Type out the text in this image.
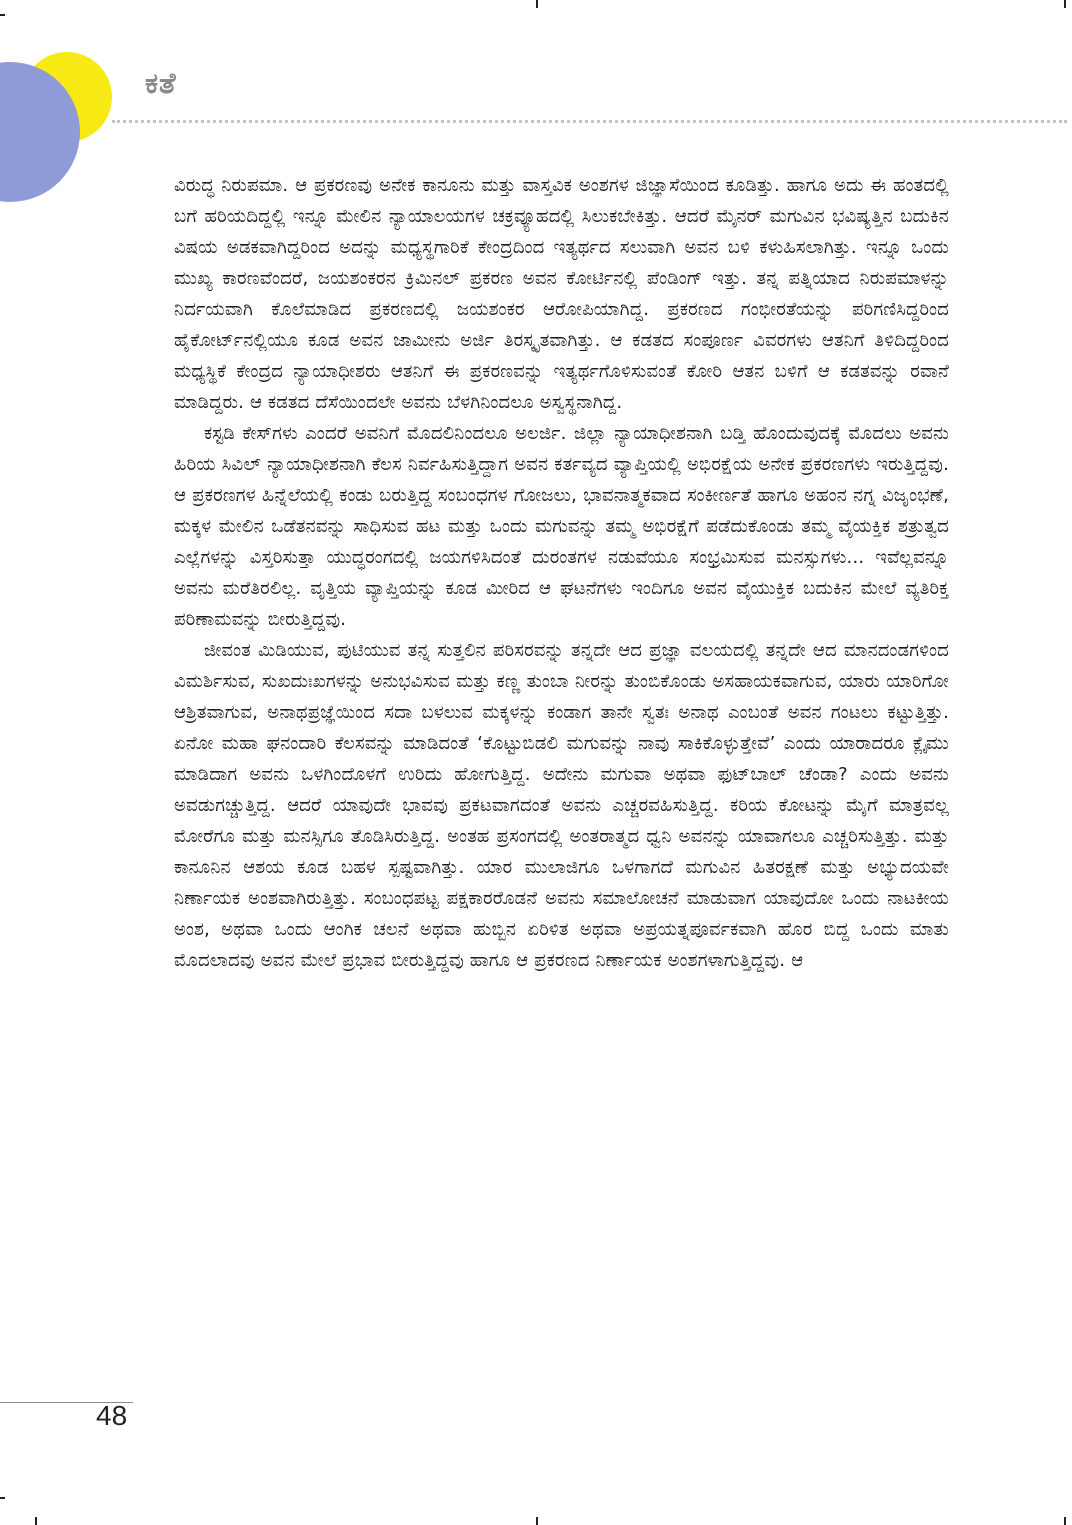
ಕತೆ

ವಿರುದ್ಧ ನಿರುಪಮಾ. ಆ ಪ್ರಕರಣವು ಅನೇಕ ಕಾನೂನು ಮತ್ತು ವಾಸ್ತವಿಕ ಅಂಶಗಳ ಜಿಜ್ಞಾಸೆಯಿಂದ ಕೂಡಿತ್ತು. ಹಾಗೂ ಅದು ಈ ಹಂತದಲ್ಲಿ ಬಗೆ ಹರಿಯದಿದ್ದಲ್ಲಿ ಇನ್ನೂ ಮೇಲಿನ ನ್ಯಾಯಾಲಯಗಳ ಚಕ್ರವ್ಯೂಹದಲ್ಲಿ ಸಿಲುಕಬೇಕಿತ್ತು. ಆದರೆ ಮೈನರ್ ಮಗುವಿನ ಭವಿಷ್ಯತ್ತಿನ ಬದುಕಿನ ವಿಷಯ ಅಡಕವಾಗಿದ್ದರಿಂದ ಅದನ್ನು ಮಧ್ಯಸ್ಥಗಾರಿಕೆ ಕೇಂದ್ರದಿಂದ ಇತ್ಯರ್ಥದ ಸಲುವಾಗಿ ಅವನ ಬಳಿ ಕಳುಹಿಸಲಾಗಿತ್ತು. ಇನ್ನೂ ಒಂದು ಮುಖ್ಯ ಕಾರಣವೆಂದರೆ, ಜಯಶಂಕರನ ಕ್ರಿಮಿನಲ್ ಪ್ರಕರಣ ಅವನ ಕೋರ್ಟಿನಲ್ಲಿ ಪೆಂಡಿಂಗ್ ಇತ್ತು. ತನ್ನ ಪತ್ನಿಯಾದ ನಿರುಪಮಾಳನ್ನು ನಿರ್ದಯವಾಗಿ ಕೊಲೆಮಾಡಿದ ಪ್ರಕರಣದಲ್ಲಿ ಜಯಶಂಕರ ಆರೋಪಿಯಾಗಿದ್ದ. ಪ್ರಕರಣದ ಗಂಭೀರತೆಯನ್ನು ಪರಿಗಣಿಸಿದ್ದರಿಂದ ಹೈಕೋರ್ಟ್‌ನಲ್ಲಿಯೂ ಕೂಡ ಅವನ ಜಾಮೀನು ಅರ್ಜಿ ತಿರಸ್ಕೃತವಾಗಿತ್ತು. ಆ ಕಡತದ ಸಂಪೂರ್ಣ ವಿವರಗಳು ಆತನಿಗೆ ತಿಳಿದಿದ್ದರಿಂದ ಮಧ್ಯಸ್ಥಿಕೆ ಕೇಂದ್ರದ ನ್ಯಾಯಾಧೀಶರು ಆತನಿಗೆ ಈ ಪ್ರಕರಣವನ್ನು ಇತ್ಯರ್ಥಗೊಳಿಸುವಂತೆ ಕೋರಿ ಆತನ ಬಳಿಗೆ ಆ ಕಡತವನ್ನು ರವಾನೆ ಮಾಡಿದ್ದರು. ಆ ಕಡತದ ದೆಸೆಯಿಂದಲೇ ಅವನು ಬೆಳಗಿನಿಂದಲೂ ಅಸ್ವಸ್ಥನಾಗಿದ್ದ.

ಕಸ್ಟಡಿ ಕೇಸ್‌ಗಳು ಎಂದರೆ ಅವನಿಗೆ ಮೊದಲಿನಿಂದಲೂ ಅಲರ್ಜಿ. ಜಿಲ್ಲಾ ನ್ಯಾಯಾಧೀಶನಾಗಿ ಬಡ್ತಿ ಹೊಂದುವುದಕ್ಕೆ ಮೊದಲು ಅವನು ಹಿರಿಯ ಸಿವಿಲ್ ನ್ಯಾಯಾಧೀಶನಾಗಿ ಕೆಲಸ ನಿರ್ವಹಿಸುತ್ತಿದ್ದಾಗ ಅವನ ಕರ್ತವ್ಯದ ವ್ಯಾಪ್ತಿಯಲ್ಲಿ ಅಭಿರಕ್ಷೆಯ ಅನೇಕ ಪ್ರಕರಣಗಳು ಇರುತ್ತಿದ್ದವು. ಆ ಪ್ರಕರಣಗಳ ಹಿನ್ನೆಲೆಯಲ್ಲಿ ಕಂಡು ಬರುತ್ತಿದ್ದ ಸಂಬಂಧಗಳ ಗೋಜಲು, ಭಾವನಾತ್ಮಕವಾದ ಸಂಕೀರ್ಣತೆ ಹಾಗೂ ಅಹಂನ ನಗ್ನ ವಿಜೃಂಭಣೆ, ಮಕ್ಕಳ ಮೇಲಿನ ಒಡೆತನವನ್ನು ಸಾಧಿಸುವ ಹಟ ಮತ್ತು ಒಂದು ಮಗುವನ್ನು ತಮ್ಮ ಅಭಿರಕ್ಷೆಗೆ ಪಡೆದುಕೊಂಡು ತಮ್ಮ ವೈಯಕ್ತಿಕ ಶತ್ರುತ್ವದ ಎಲ್ಲೆಗಳನ್ನು ವಿಸ್ತರಿಸುತ್ತಾ ಯುದ್ಧರಂಗದಲ್ಲಿ ಜಯಗಳಿಸಿದಂತೆ ದುರಂತಗಳ ನಡುವೆಯೂ ಸಂಭ್ರಮಿಸುವ ಮನಸ್ಸುಗಳು... ಇವೆಲ್ಲವನ್ನೂ ಅವನು ಮರೆತಿರಲಿಲ್ಲ. ವೃತ್ತಿಯ ವ್ಯಾಪ್ತಿಯನ್ನು ಕೂಡ ಮೀರಿದ ಆ ಘಟನೆಗಳು ಇಂದಿಗೂ ಅವನ ವೈಯುಕ್ತಿಕ ಬದುಕಿನ ಮೇಲೆ ವ್ಯತಿರಿಕ್ತ ಪರಿಣಾಮವನ್ನು ಬೀರುತ್ತಿದ್ದವು.

ಜೀವಂತ ಮಿಡಿಯುವ, ಪುಟಿಯುವ ತನ್ನ ಸುತ್ತಲಿನ ಪರಿಸರವನ್ನು ತನ್ನದೇ ಆದ ಪ್ರಜ್ಞಾ ವಲಯದಲ್ಲಿ ತನ್ನದೇ ಆದ ಮಾನದಂಡಗಳಿಂದ ವಿಮರ್ಶಿಸುವ, ಸುಖದುಃಖಗಳನ್ನು ಅನುಭವಿಸುವ ಮತ್ತು ಕಣ್ಣ ತುಂಬಾ ನೀರನ್ನು ತುಂಬಿಕೊಂಡು ಅಸಹಾಯಕವಾಗುವ, ಯಾರು ಯಾರಿಗೋ ಆಶ್ರಿತವಾಗುವ, ಅನಾಥಪ್ರಜ್ಞೆಯಿಂದ ಸದಾ ಬಳಲುವ ಮಕ್ಕಳನ್ನು ಕಂಡಾಗ ತಾನೇ ಸ್ವತಃ ಅನಾಥ ಎಂಬಂತೆ ಅವನ ಗಂಟಲು ಕಟ್ಟುತ್ತಿತ್ತು. ಏನೋ ಮಹಾ ಘನಂದಾರಿ ಕೆಲಸವನ್ನು ಮಾಡಿದಂತೆ ‘ಕೊಟ್ಟುಬಿಡಲಿ ಮಗುವನ್ನು ನಾವು ಸಾಕಿಕೊಳ್ಳುತ್ತೇವೆ’ ಎಂದು ಯಾರಾದರೂ ಕ್ಲೈಮು ಮಾಡಿದಾಗ ಅವನು ಒಳಗಿಂದೊಳಗೆ ಉರಿದು ಹೋಗುತ್ತಿದ್ದ. ಅದೇನು ಮಗುವಾ ಅಥವಾ ಫುಟ್‌ಬಾಲ್ ಚೆಂಡಾ? ಎಂದು ಅವನು ಅವಡುಗಚ್ಚುತ್ತಿದ್ದ. ಆದರೆ ಯಾವುದೇ ಭಾವವು ಪ್ರಕಟವಾಗದಂತೆ ಅವನು ಎಚ್ಚರವಹಿಸುತ್ತಿದ್ದ. ಕರಿಯ ಕೋಟನ್ನು ಮೈಗೆ ಮಾತ್ರವಲ್ಲ ಮೋರೆಗೂ ಮತ್ತು ಮನಸ್ಸಿಗೂ ತೊಡಿಸಿರುತ್ತಿದ್ದ. ಅಂತಹ ಪ್ರಸಂಗದಲ್ಲಿ ಅಂತರಾತ್ಮದ ಧ್ವನಿ ಅವನನ್ನು ಯಾವಾಗಲೂ ಎಚ್ಚರಿಸುತ್ತಿತ್ತು. ಮತ್ತು ಕಾನೂನಿನ ಆಶಯ ಕೂಡ ಬಹಳ ಸ್ಪಷ್ಟವಾಗಿತ್ತು. ಯಾರ ಮುಲಾಜಿಗೂ ಒಳಗಾಗದೆ ಮಗುವಿನ ಹಿತರಕ್ಷಣೆ ಮತ್ತು ಅಭ್ಯುದಯವೇ ನಿರ್ಣಾಯಕ ಅಂಶವಾಗಿರುತ್ತಿತ್ತು. ಸಂಬಂಧಪಟ್ಟ ಪಕ್ಷಕಾರರೊಡನೆ ಅವನು ಸಮಾಲೋಚನೆ ಮಾಡುವಾಗ ಯಾವುದೋ ಒಂದು ನಾಟಕೀಯ ಅಂಶ, ಅಥವಾ ಒಂದು ಆಂಗಿಕ ಚಲನೆ ಅಥವಾ ಹುಬ್ಬಿನ ಏರಿಳಿತ ಅಥವಾ ಅಪ್ರಯತ್ನಪೂರ್ವಕವಾಗಿ ಹೊರ ಬಿದ್ದ ಒಂದು ಮಾತು ಮೊದಲಾದವು ಅವನ ಮೇಲೆ ಪ್ರಭಾವ ಬೀರುತ್ತಿದ್ದವು ಹಾಗೂ ಆ ಪ್ರಕರಣದ ನಿರ್ಣಾಯಕ ಅಂಶಗಳಾಗುತ್ತಿದ್ದವು. ಆ

48
